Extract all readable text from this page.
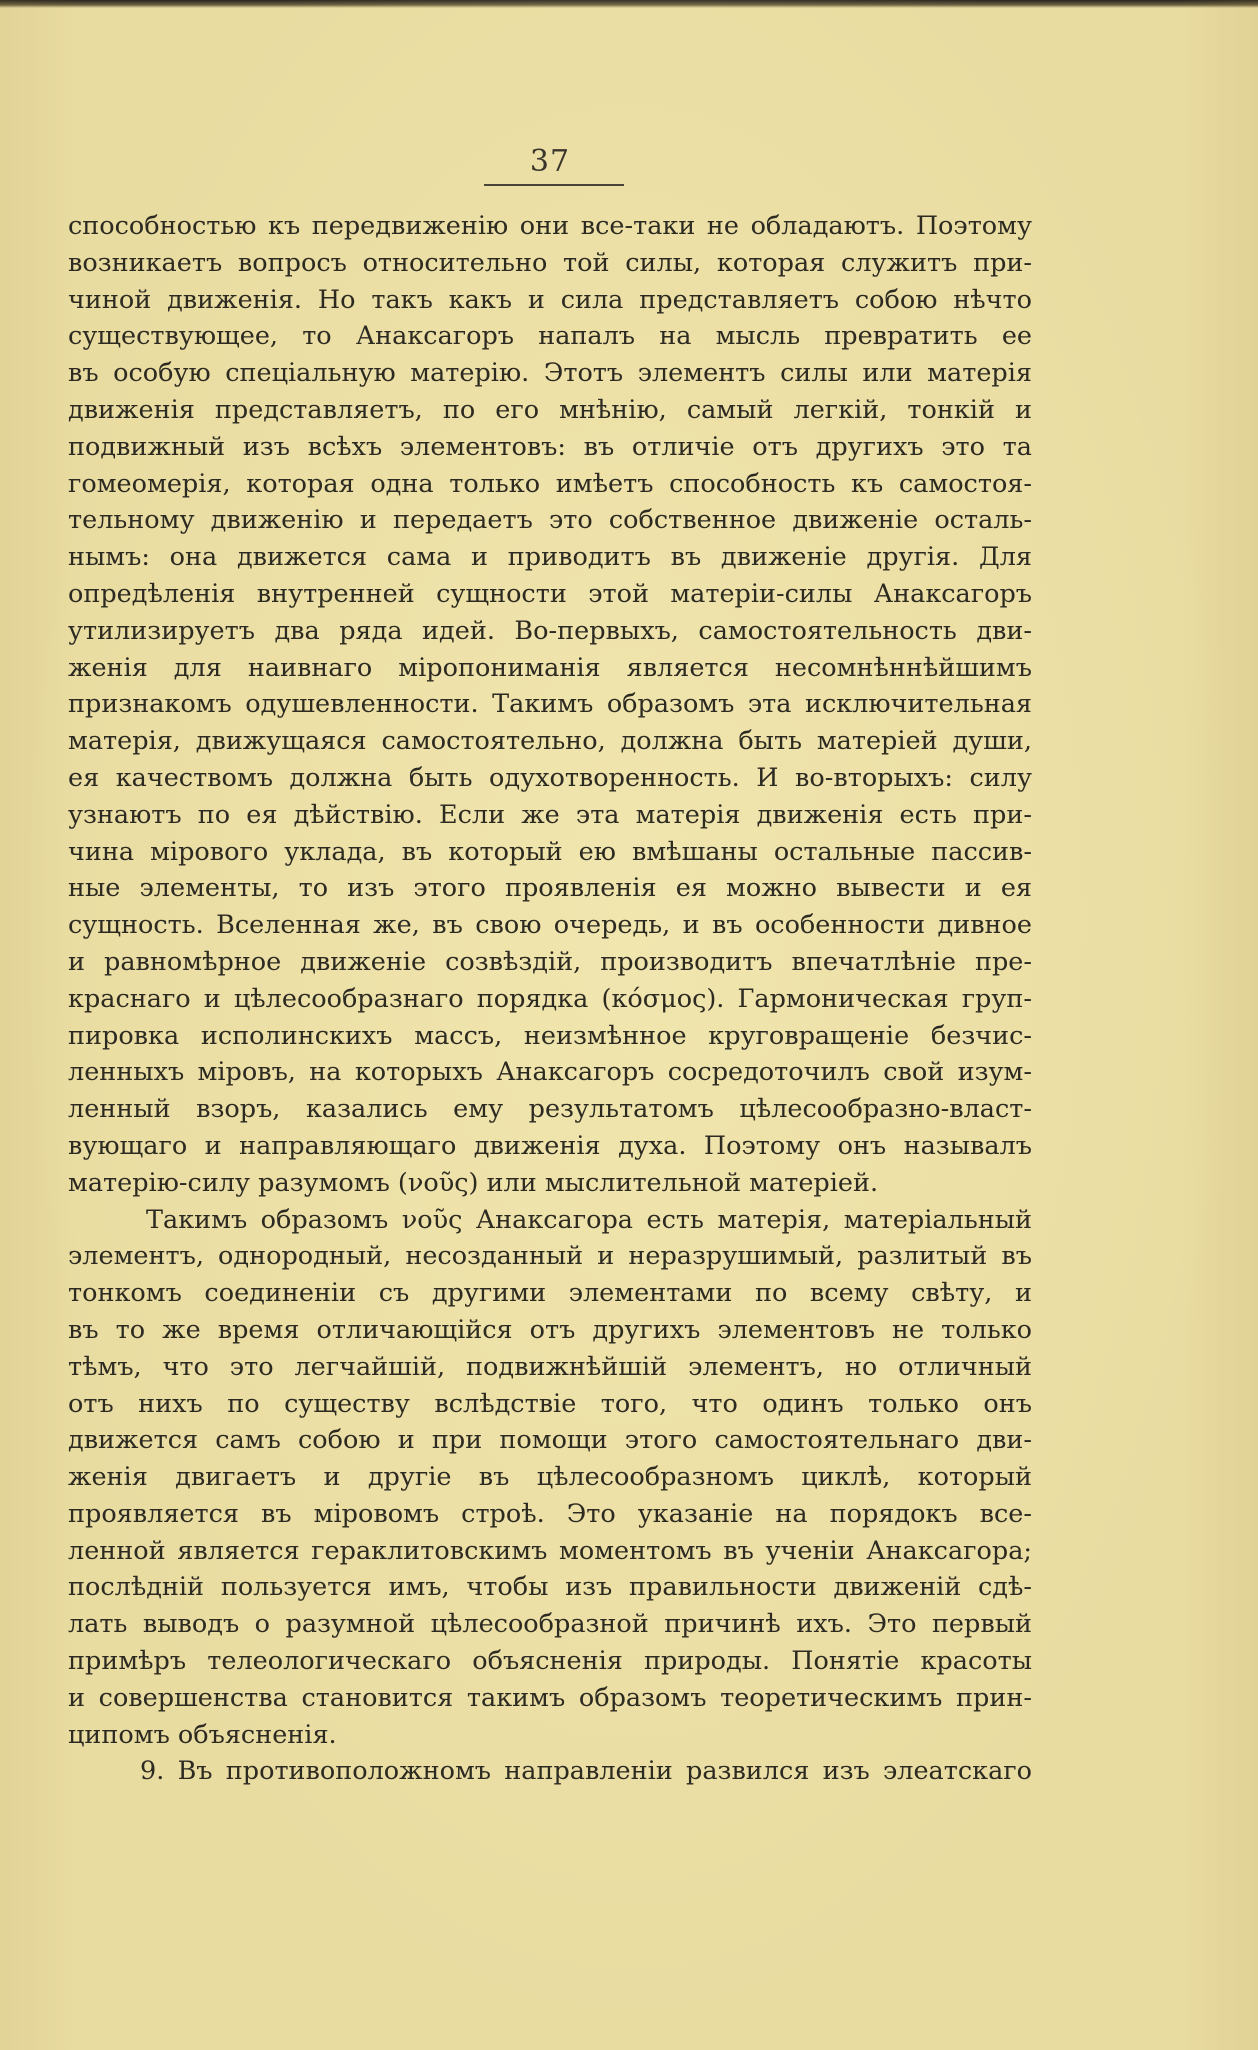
37
способностью къ передвиженію они все-таки не обладаютъ. Поэтому
возникаетъ вопросъ относительно той силы, которая служитъ при-
чиной движенія. Но такъ какъ и сила представляетъ собою нѣчто
существующее, то Анаксагоръ напалъ на мысль превратить ее
въ особую спеціальную матерію. Этотъ элементъ силы или матерія
движенія представляетъ, по его мнѣнію, самый легкій, тонкій и
подвижный изъ всѣхъ элементовъ: въ отличіе отъ другихъ это та
гомеомерія, которая одна только имѣетъ способность къ самостоя-
тельному движенію и передаетъ это собственное движеніе осталь-
нымъ: она движется сама и приводитъ въ движеніе другія. Для
опредѣленія внутренней сущности этой матеріи-силы Анаксагоръ
утилизируетъ два ряда идей. Во-первыхъ, самостоятельность дви-
женія для наивнаго міропониманія является несомнѣннѣйшимъ
признакомъ одушевленности. Такимъ образомъ эта исключительная
матерія, движущаяся самостоятельно, должна быть матеріей души,
ея качествомъ должна быть одухотворенность. И во-вторыхъ: силу
узнаютъ по ея дѣйствію. Если же эта матерія движенія есть при-
чина мірового уклада, въ который ею вмѣшаны остальные пассив-
ные элементы, то изъ этого проявленія ея можно вывести и ея
сущность. Вселенная же, въ свою очередь, и въ особенности дивное
и равномѣрное движеніе созвѣздій, производитъ впечатлѣніе пре-
краснаго и цѣлесообразнаго порядка (κόσμος). Гармоническая груп-
пировка исполинскихъ массъ, неизмѣнное круговращеніе безчис-
ленныхъ міровъ, на которыхъ Анаксагоръ сосредоточилъ свой изум-
ленный взоръ, казались ему результатомъ цѣлесообразно-власт-
вующаго и направляющаго движенія духа. Поэтому онъ называлъ
матерію-силу разумомъ (νοῦς) или мыслительной матеріей.
Такимъ образомъ νοῦς Анаксагора есть матерія, матеріальный
элементъ, однородный, несозданный и неразрушимый, разлитый въ
тонкомъ соединеніи съ другими элементами по всему свѣту, и
въ то же время отличающійся отъ другихъ элементовъ не только
тѣмъ, что это легчайшій, подвижнѣйшій элементъ, но отличный
отъ нихъ по существу вслѣдствіе того, что одинъ только онъ
движется самъ собою и при помощи этого самостоятельнаго дви-
женія двигаетъ и другіе въ цѣлесообразномъ циклѣ, который
проявляется въ міровомъ строѣ. Это указаніе на порядокъ все-
ленной является гераклитовскимъ моментомъ въ ученіи Анаксагора;
послѣдній пользуется имъ, чтобы изъ правильности движеній сдѣ-
лать выводъ о разумной цѣлесообразной причинѣ ихъ. Это первый
примѣръ телеологическаго объясненія природы. Понятіе красоты
и совершенства становится такимъ образомъ теоретическимъ прин-
ципомъ объясненія.
9. Въ противоположномъ направленіи развился изъ элеатскаго
